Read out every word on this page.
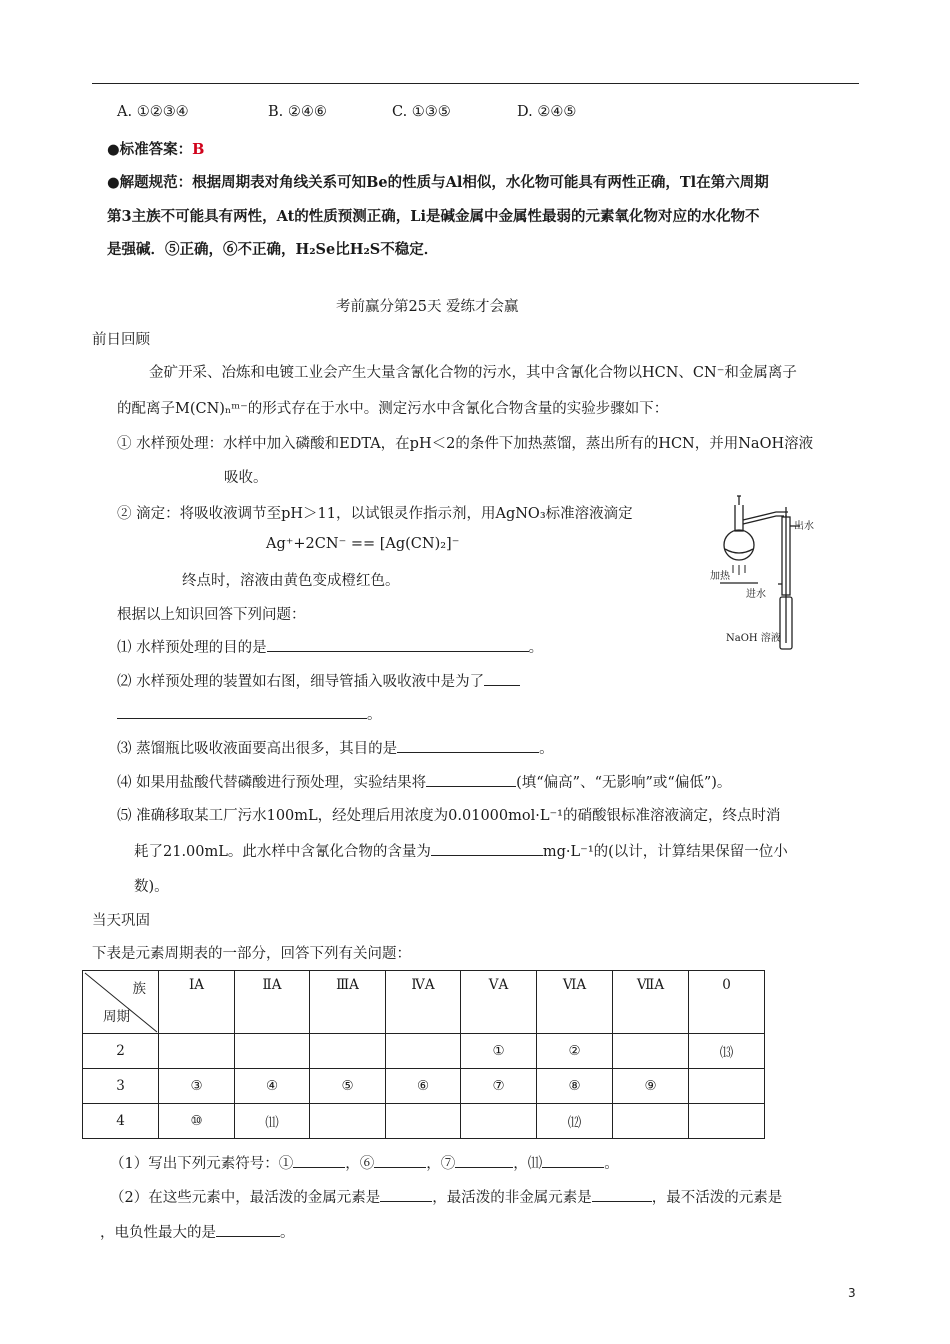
A. ①②③④	B. ②④⑥	C. ①③⑤	D. ②④⑤
●标准答案：B
●解题规范：根据周期表对角线关系可知Be的性质与Al相似，水化物可能具有两性正确，Tl在第六周期
第3主族不可能具有两性，At的性质预测正确，Li是碱金属中金属性最弱的元素氧化物对应的水化物不
是强碱．⑤正确，⑥不正确，H₂Se比H₂S不稳定．
考前赢分第25天 爱练才会赢
前日回顾
金矿开采、冶炼和电镀工业会产生大量含氰化合物的污水，其中含氰化合物以HCN、CN⁻和金属离子
的配离子M(CN)ₙᵐ⁻的形式存在于水中。测定污水中含氰化合物含量的实验步骤如下：
① 水样预处理：水样中加入磷酸和EDTA，在pH＜2的条件下加热蒸馏，蒸出所有的HCN，并用NaOH溶液
吸收。
② 滴定：将吸收液调节至pH＞11，以试银灵作指示剂，用AgNO₃标准溶液滴定
Ag⁺+2CN⁻ == [Ag(CN)₂]⁻
终点时，溶液由黄色变成橙红色。
根据以上知识回答下列问题：
⑴ 水样预处理的目的是	。
⑵ 水样预处理的装置如右图，细导管插入吸收液中是为了
。
⑶ 蒸馏瓶比吸收液面要高出很多，其目的是	。
⑷ 如果用盐酸代替磷酸进行预处理，实验结果将	(填“偏高”、“无影响”或“偏低”)。
⑸ 准确移取某工厂污水100mL，经处理后用浓度为0.01000mol·L⁻¹的硝酸银标准溶液滴定，终点时消
耗了21.00mL。此水样中含氰化合物的含量为	mg·L⁻¹的(以计，计算结果保留一位小
数)。
出水
加热
进水
NaOH 溶液
当天巩固
下表是元素周期表的一部分，回答下列有关问题：
族
周期	ⅠA	ⅡA	ⅢA	ⅣA	ⅤA	ⅥA	ⅦA	0
2					①	②		⒀
3	③	④	⑤	⑥	⑦	⑧	⑨	
4	⑩	⑾				⑿		
（1）写出下列元素符号：①	，⑥	，⑦	，⑾	。
（2）在这些元素中，最活泼的金属元素是	，最活泼的非金属元素是	，最不活泼的元素是
，电负性最大的是	。
3
